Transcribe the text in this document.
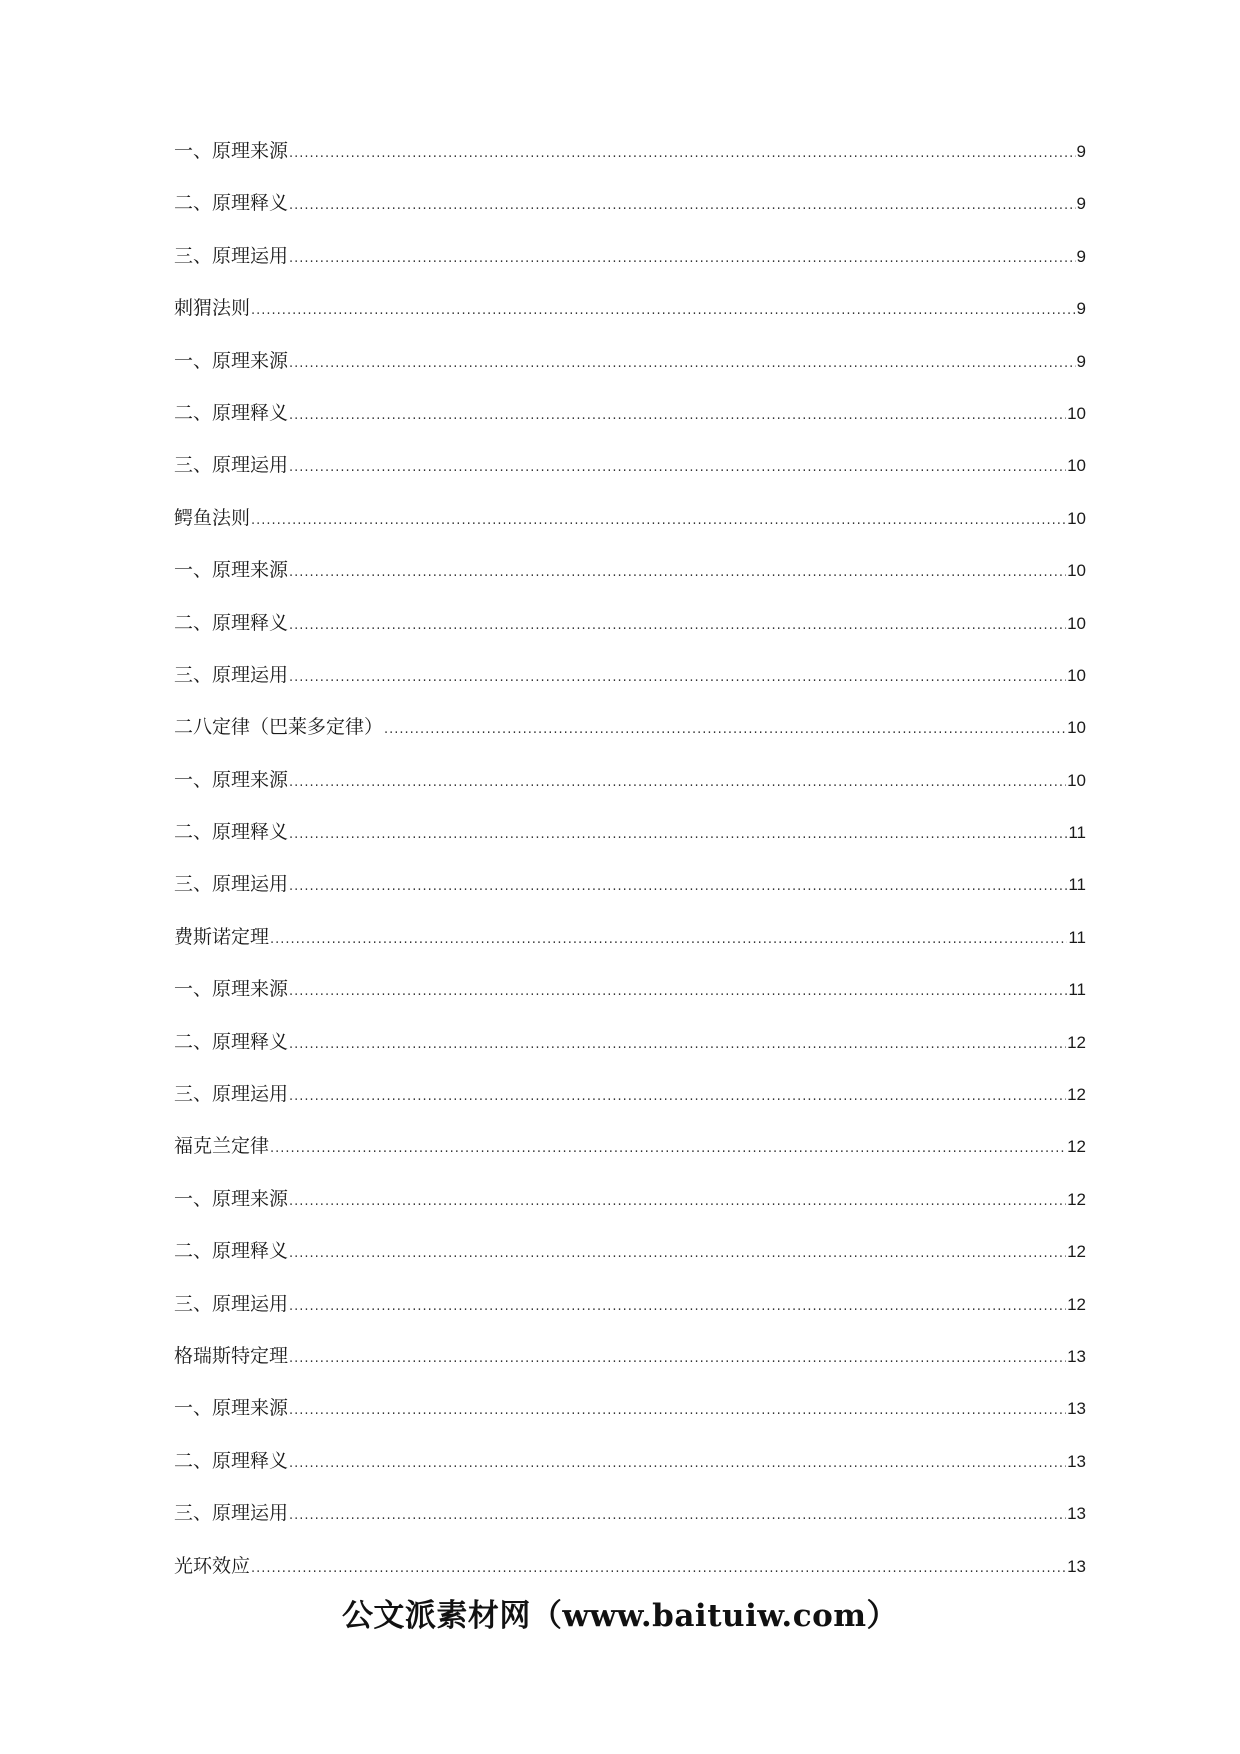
一、原理来源 .....	9
二、原理释义 .....	9
三、原理运用 .....	9
刺猬法则 .....	9
一、原理来源 .....	9
二、原理释义 .....	10
三、原理运用 .....	10
鳄鱼法则 .....	10
一、原理来源 .....	10
二、原理释义 .....	10
三、原理运用 .....	10
二八定律（巴莱多定律） .....	10
一、原理来源 .....	10
二、原理释义 .....	11
三、原理运用 .....	11
费斯诺定理 .....	11
一、原理来源 .....	11
二、原理释义 .....	12
三、原理运用 .....	12
福克兰定律 .....	12
一、原理来源 .....	12
二、原理释义 .....	12
三、原理运用 .....	12
格瑞斯特定理 .....	13
一、原理来源 .....	13
二、原理释义 .....	13
三、原理运用 .....	13
光环效应 .....	13
公文派素材网（www.baituiw.com）
